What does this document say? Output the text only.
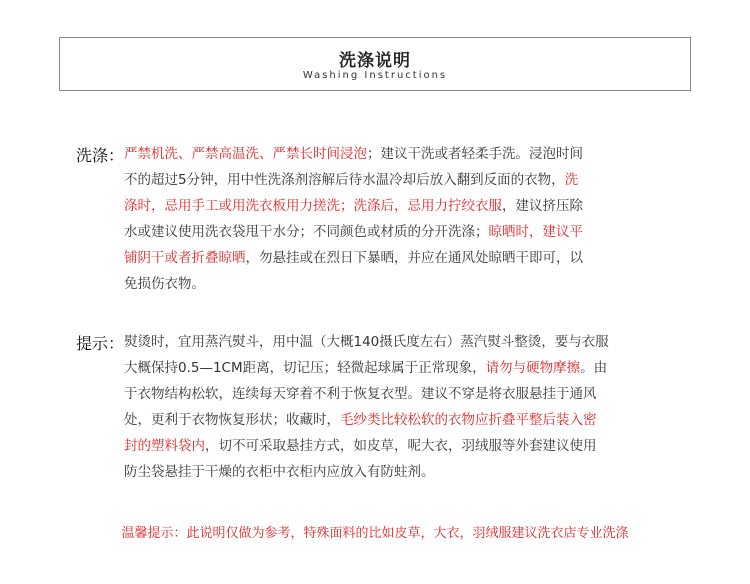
洗涤说明
Washing Instructions
洗涤： 严禁机洗、严禁高温洗、严禁长时间浸泡；建议干洗或者轻柔手洗。浸泡时间
不的超过5分钟，用中性洗涤剂溶解后待水温冷却后放入翻到反面的衣物，洗
涤时，忌用手工或用洗衣板用力搓洗；洗涤后，忌用力拧绞衣服，建议挤压除
水或建议使用洗衣袋甩干水分；不同颜色或材质的分开洗涤；晾晒时，建议平
铺阴干或者折叠晾晒，勿悬挂或在烈日下暴晒，并应在通风处晾晒干即可，以
免损伤衣物。
提示： 熨烫时，宜用蒸汽熨斗，用中温（大概140摄氏度左右）蒸汽熨斗整烫，要与衣服
大概保持0.5—1CM距离，切记压；轻微起球属于正常现象，请勿与硬物摩擦。由
于衣物结构松软，连续每天穿着不利于恢复衣型。建议不穿是将衣服悬挂于通风
处，更利于衣物恢复形状；收藏时，毛纱类比较松软的衣物应折叠平整后装入密
封的塑料袋内，切不可采取悬挂方式，如皮草，呢大衣，羽绒服等外套建议使用
防尘袋悬挂于干燥的衣柜中衣柜内应放入有防蛀剂。
温馨提示：此说明仅做为参考，特殊面料的比如皮草，大衣，羽绒服建议洗衣店专业洗涤
